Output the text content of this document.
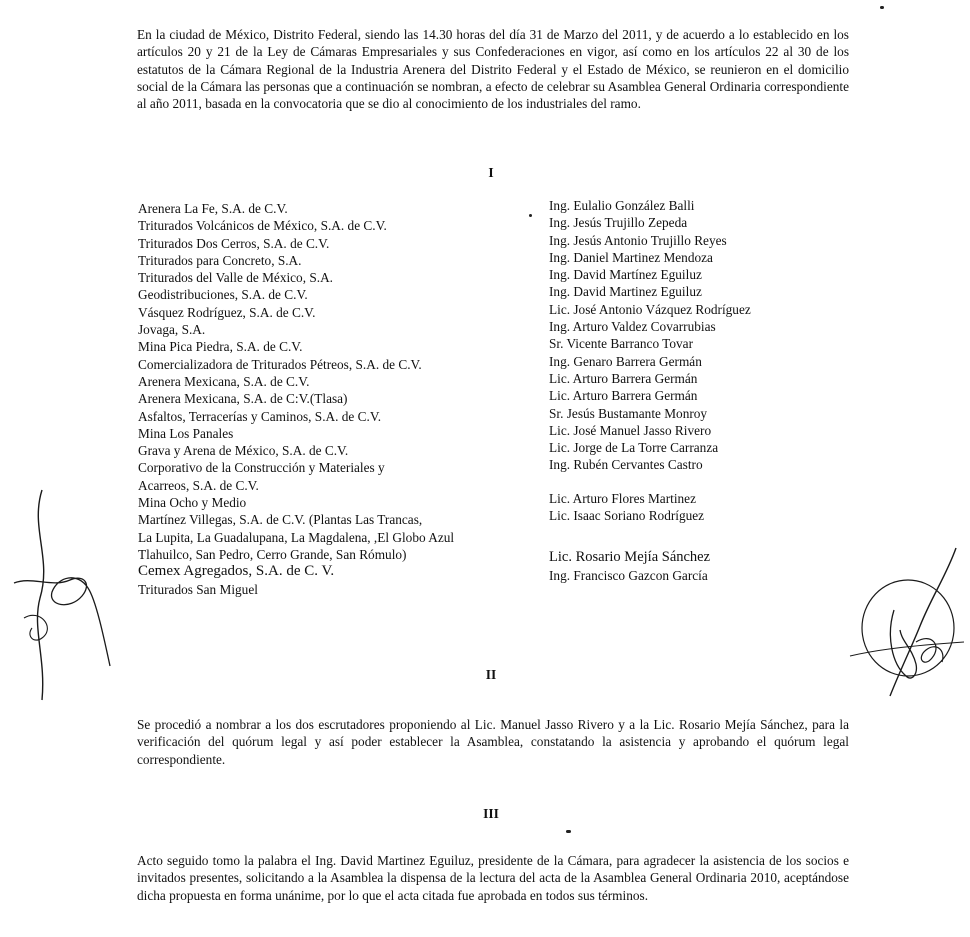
En la ciudad de México, Distrito Federal, siendo las 14.30 horas del día 31 de Marzo del 2011, y de acuerdo a lo establecido en los artículos 20 y 21 de la Ley de Cámaras Empresariales y sus Confederaciones en vigor, así como en los artículos 22 al 30 de los estatutos de la Cámara Regional de la Industria Arenera del Distrito Federal y el Estado de México, se reunieron en el domicilio social de la Cámara las personas que a continuación se nombran, a efecto de celebrar su Asamblea General Ordinaria correspondiente al año 2011, basada en la convocatoria que se dio al conocimiento de los industriales del ramo.

I
Arenera La Fe, S.A. de C.V.
Triturados Volcánicos de México, S.A. de C.V.
Triturados Dos Cerros, S.A. de C.V.
Triturados para Concreto, S.A.
Triturados del Valle de México, S.A.
Geodistribuciones, S.A. de C.V.
Vásquez Rodríguez, S.A. de C.V.
Jovaga, S.A.
Mina Pica Piedra, S.A. de C.V.
Comercializadora de Triturados Pétreos, S.A. de C.V.
Arenera Mexicana, S.A. de C.V.
Arenera Mexicana, S.A. de C:V.(Tlasa)
Asfaltos, Terracerías y Caminos, S.A. de C.V.
Mina Los Panales
Grava y Arena de México, S.A. de C.V.
Corporativo de la Construcción y Materiales y
Acarreos, S.A. de C.V.
Mina Ocho y Medio
Martínez Villegas, S.A. de C.V. (Plantas Las Trancas,
La Lupita, La Guadalupana, La Magdalena, ,El Globo Azul
Tlahuilco, San Pedro, Cerro Grande, San Rómulo)
Cemex Agregados, S.A. de C. V.
Triturados San Miguel
Ing. Eulalio González Balli
Ing. Jesús Trujillo Zepeda
Ing. Jesús Antonio Trujillo Reyes
Ing. Daniel Martinez Mendoza
Ing. David Martínez Eguiluz
Ing. David Martinez Eguiluz
Lic. José Antonio Vázquez Rodríguez
Ing. Arturo Valdez Covarrubias
Sr. Vicente Barranco Tovar
Ing. Genaro Barrera Germán
Lic. Arturo Barrera Germán
Lic. Arturo Barrera Germán
Sr. Jesús Bustamante Monroy
Lic. José Manuel Jasso Rivero
Lic. Jorge de La Torre Carranza
Ing. Rubén Cervantes Castro
Lic. Arturo Flores Martinez
Lic. Isaac Soriano Rodríguez
Lic. Rosario Mejía Sánchez
Ing. Francisco Gazcon García

Se procedió a nombrar a los dos escrutadores proponiendo al Lic. Manuel Jasso Rivero y a la Lic. Rosario Mejía Sánchez, para la verificación del quórum legal y así poder establecer la Asamblea, constatando la asistencia y aprobando el quórum legal correspondiente.

II
III

Acto seguido tomo la palabra el Ing. David Martinez Eguiluz, presidente de la Cámara, para agradecer la asistencia de los socios e invitados presentes, solicitando a la Asamblea la dispensa de la lectura del acta de la Asamblea General Ordinaria 2010, aceptándose dicha propuesta en forma unánime, por lo que el acta citada fue aprobada en todos sus términos.
